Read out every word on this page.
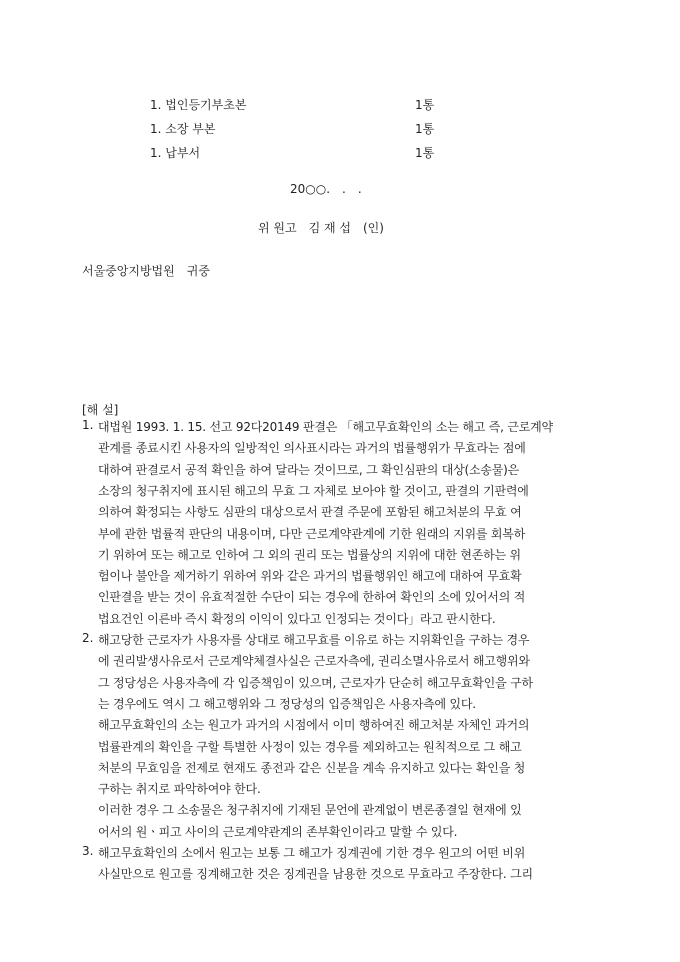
1. 법인등기부초본	1통
1. 소장 부본	1통
1. 납부서	1통
20○○.　.　.
위 원고　김 재 섭　(인)
서울중앙지방법원　귀중
[해 설]
1. 대법원 1993. 1. 15. 선고 92다20149 판결은 「해고무효확인의 소는 해고 즉, 근로계약
관계를 종료시킨 사용자의 일방적인 의사표시라는 과거의 법률행위가 무효라는 점에
대하여 판결로서 공적 확인을 하여 달라는 것이므로, 그 확인심판의 대상(소송물)은
소장의 청구취지에 표시된 해고의 무효 그 자체로 보아야 할 것이고, 판결의 기판력에
의하여 확정되는 사항도 심판의 대상으로서 판결 주문에 포함된 해고처분의 무효 여
부에 관한 법률적 판단의 내용이며, 다만 근로계약관계에 기한 원래의 지위를 회복하
기 위하여 또는 해고로 인하여 그 외의 권리 또는 법률상의 지위에 대한 현존하는 위
험이나 불안을 제거하기 위하여 위와 같은 과거의 법률행위인 해고에 대하여 무효확
인판결을 받는 것이 유효적절한 수단이 되는 경우에 한하여 확인의 소에 있어서의 적
법요건인 이른바 즉시 확정의 이익이 있다고 인정되는 것이다」라고 판시한다.
2. 해고당한 근로자가 사용자를 상대로 해고무효를 이유로 하는 지위확인을 구하는 경우
에 권리발생사유로서 근로계약체결사실은 근로자측에, 권리소멸사유로서 해고행위와
그 정당성은 사용자측에 각 입증책임이 있으며, 근로자가 단순히 해고무효확인을 구하
는 경우에도 역시 그 해고행위와 그 정당성의 입증책임은 사용자측에 있다.
해고무효확인의 소는 원고가 과거의 시점에서 이미 행하여진 해고처분 자체인 과거의
법률관계의 확인을 구할 특별한 사정이 있는 경우를 제외하고는 원칙적으로 그 해고
처분의 무효임을 전제로 현재도 종전과 같은 신분을 계속 유지하고 있다는 확인을 청
구하는 취지로 파악하여야 한다.
이러한 경우 그 소송물은 청구취지에 기재된 문언에 관계없이 변론종결일 현재에 있
어서의 원ㆍ피고 사이의 근로계약관계의 존부확인이라고 말할 수 있다.
3. 해고무효확인의 소에서 원고는 보통 그 해고가 징계권에 기한 경우 원고의 어떤 비위
사실만으로 원고를 징계해고한 것은 징계권을 남용한 것으로 무효라고 주장한다. 그리
